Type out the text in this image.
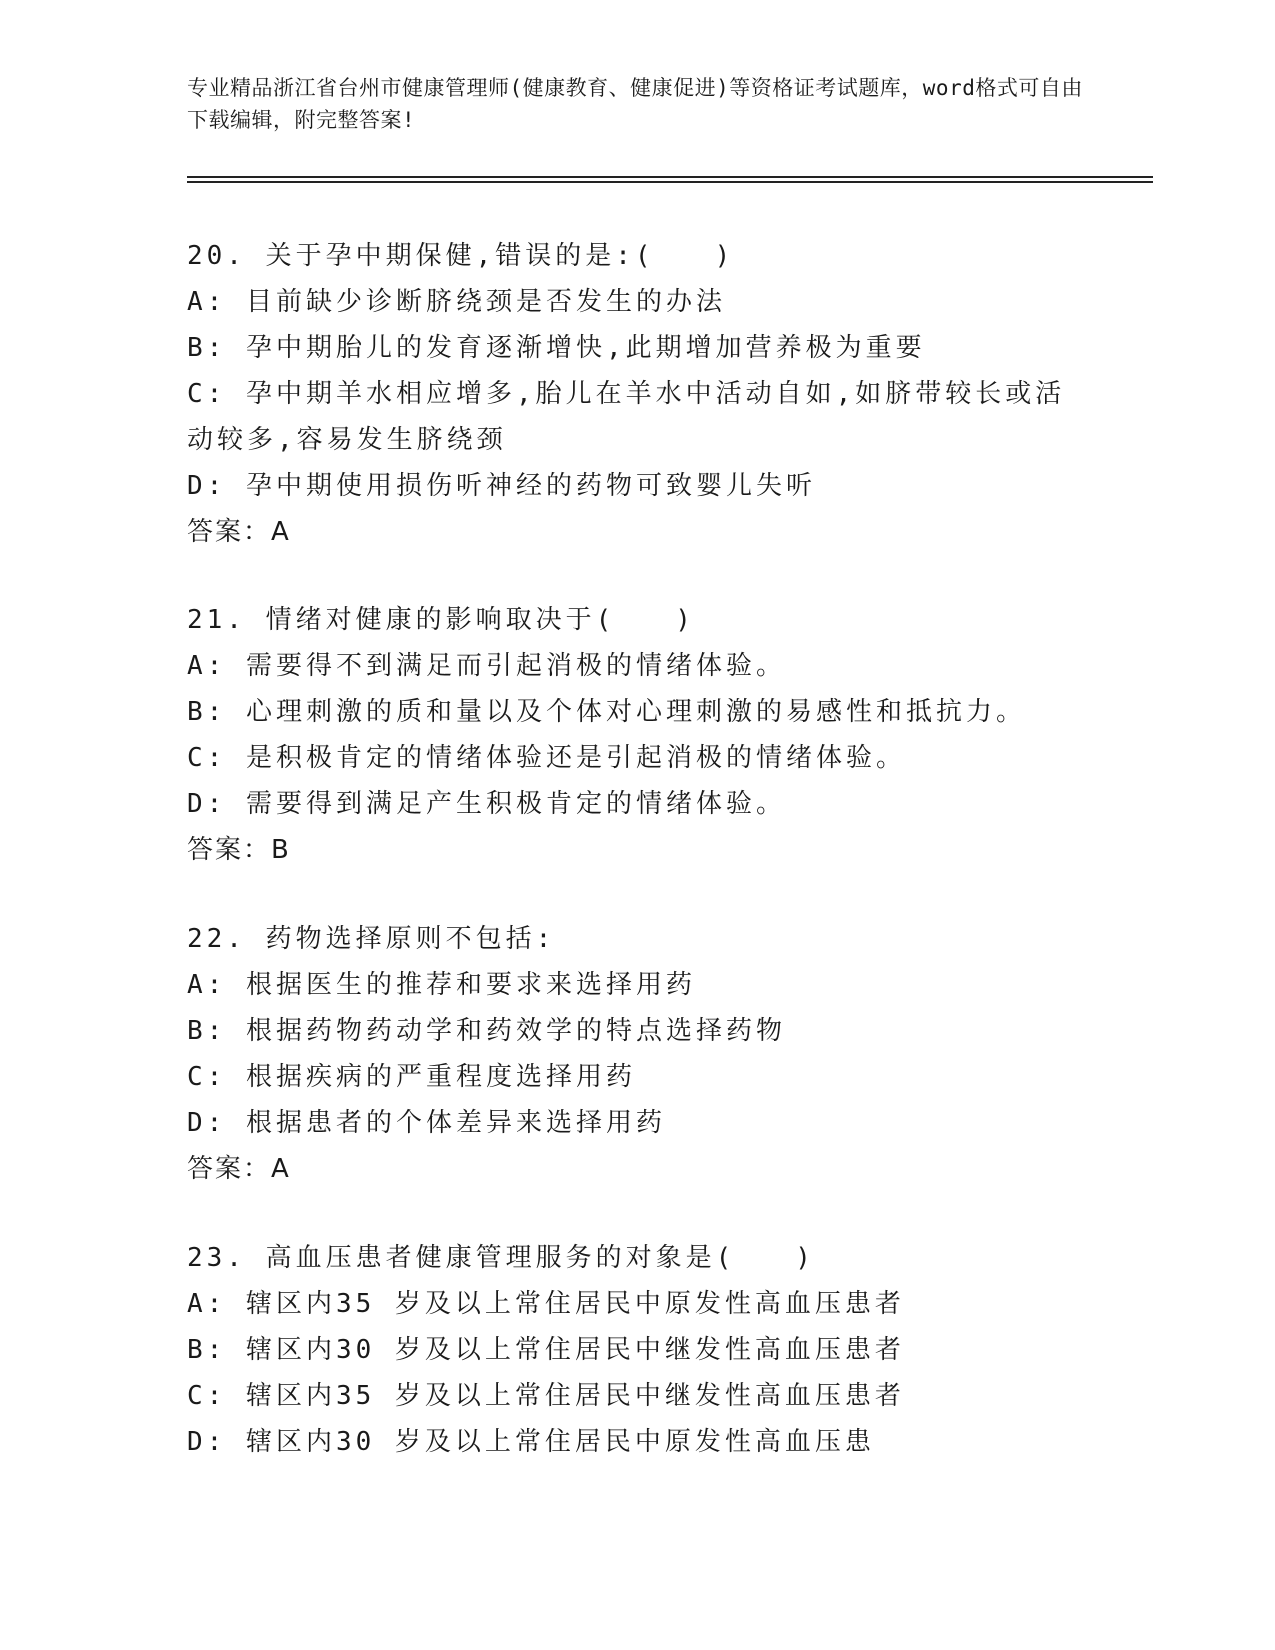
专业精品浙江省台州市健康管理师(健康教育、健康促进)等资格证考试题库，word格式可自由下载编辑，附完整答案!
20. 关于孕中期保健,错误的是:(　　)
A: 目前缺少诊断脐绕颈是否发生的办法
B: 孕中期胎儿的发育逐渐增快,此期增加营养极为重要
C: 孕中期羊水相应增多,胎儿在羊水中活动自如,如脐带较长或活动较多,容易发生脐绕颈
D: 孕中期使用损伤听神经的药物可致婴儿失听
答案：A
21. 情绪对健康的影响取决于(　　)
A: 需要得不到满足而引起消极的情绪体验。
B: 心理刺激的质和量以及个体对心理刺激的易感性和抵抗力。
C: 是积极肯定的情绪体验还是引起消极的情绪体验。
D: 需要得到满足产生积极肯定的情绪体验。
答案：B
22. 药物选择原则不包括:
A: 根据医生的推荐和要求来选择用药
B: 根据药物药动学和药效学的特点选择药物
C: 根据疾病的严重程度选择用药
D: 根据患者的个体差异来选择用药
答案：A
23. 高血压患者健康管理服务的对象是(　　)
A: 辖区内35 岁及以上常住居民中原发性高血压患者
B: 辖区内30 岁及以上常住居民中继发性高血压患者
C: 辖区内35 岁及以上常住居民中继发性高血压患者
D: 辖区内30 岁及以上常住居民中原发性高血压患
